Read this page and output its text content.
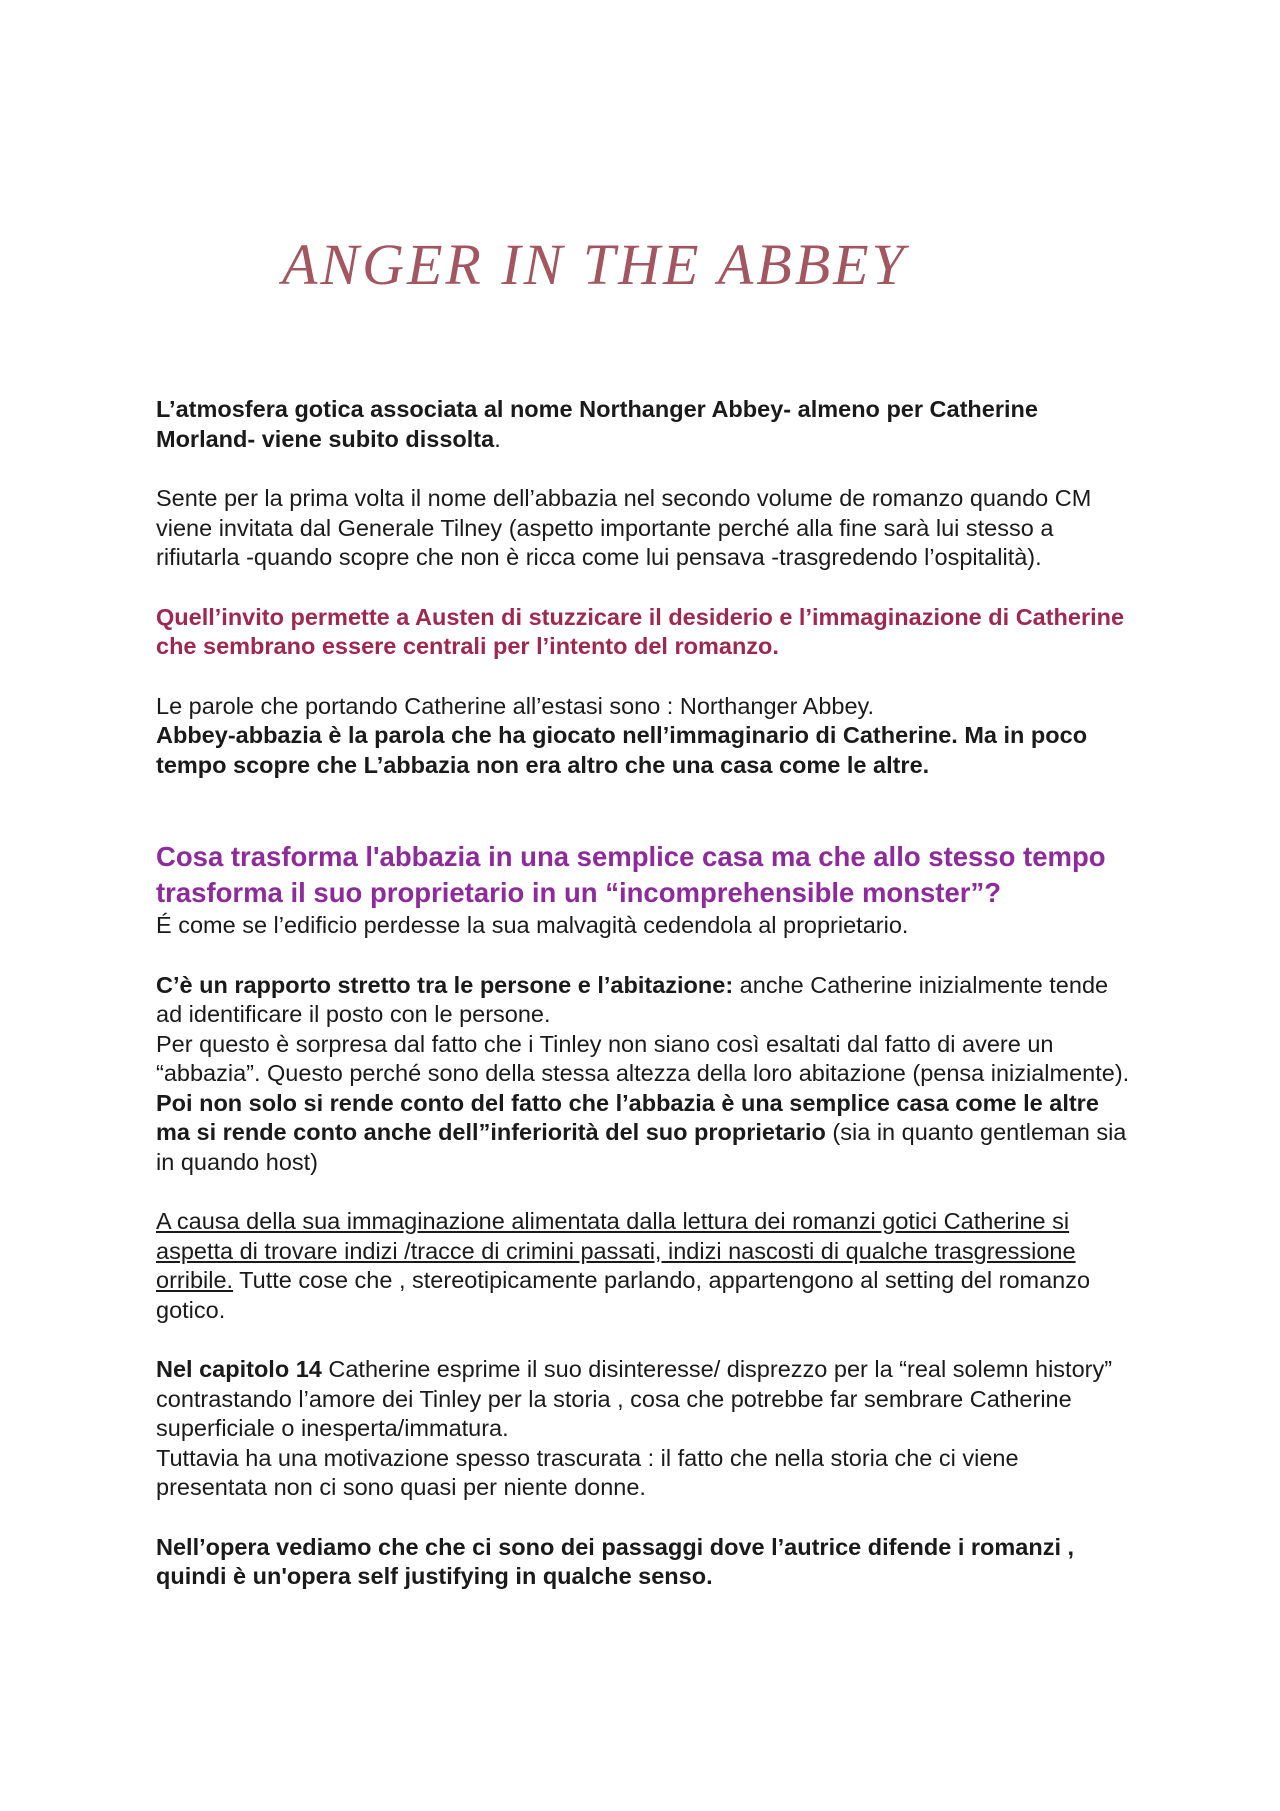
ANGER IN THE ABBEY

L’atmosfera gotica associata al nome Northanger Abbey- almeno per Catherine Morland- viene subito dissolta.

Sente per la prima volta il nome dell’abbazia nel secondo volume de romanzo quando CM viene invitata dal Generale Tilney (aspetto importante perché alla fine sarà lui stesso a rifiutarla -quando scopre che non è ricca come lui pensava -trasgredendo l’ospitalità).

Quell’invito permette a Austen di stuzzicare il desiderio e l’immaginazione di Catherine che sembrano essere centrali per l’intento del romanzo.

Le parole che portando Catherine all’estasi sono : Northanger Abbey.
Abbey-abbazia è la parola che ha giocato nell’immaginario di Catherine. Ma in poco tempo scopre che L’abbazia non era altro che una casa come le altre.

Cosa trasforma l'abbazia in una semplice casa ma che allo stesso tempo trasforma il suo proprietario in un “incomprehensible monster”?

É come se l’edificio perdesse la sua malvagità cedendola al proprietario.

C’è un rapporto stretto tra le persone e l’abitazione: anche Catherine inizialmente tende ad identificare il posto con le persone.
Per questo è sorpresa dal fatto che i Tinley non siano così esaltati dal fatto di avere un “abbazia”. Questo perché sono della stessa altezza della loro abitazione (pensa inizialmente). Poi non solo si rende conto del fatto che l’abbazia è una semplice casa come le altre ma si rende conto anche dell”inferiorità del suo proprietario (sia in quanto gentleman sia in quando host)

A causa della sua immaginazione alimentata dalla lettura dei romanzi gotici Catherine si aspetta di trovare indizi /tracce di crimini passati, indizi nascosti di qualche trasgressione orribile. Tutte cose che , stereotipicamente parlando, appartengono al setting del romanzo gotico.

Nel capitolo 14 Catherine esprime il suo disinteresse/ disprezzo per la “real solemn history” contrastando l’amore dei Tinley per la storia , cosa che potrebbe far sembrare Catherine superficiale o inesperta/immatura.
Tuttavia ha una motivazione spesso trascurata : il fatto che nella storia che ci viene presentata non ci sono quasi per niente donne.

Nell’opera vediamo che che ci sono dei passaggi dove l’autrice difende i romanzi , quindi è un'opera self justifying in qualche senso.
